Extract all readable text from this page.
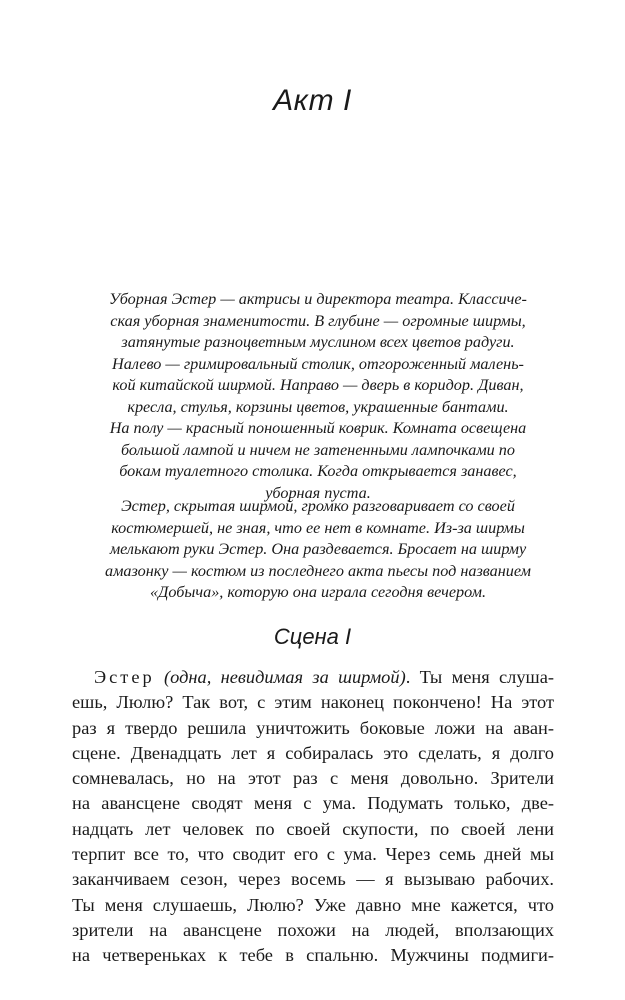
Акт I

Уборная Эстер — актрисы и директора театра. Классиче-
ская уборная знаменитости. В глубине — огромные ширмы,
затянутые разноцветным муслином всех цветов радуги.
Налево — гримировальный столик, отгороженный малень-
кой китайской ширмой. Направо — дверь в коридор. Диван,
кресла, стулья, корзины цветов, украшенные бантами.
На полу — красный поношенный коврик. Комната освещена
большой лампой и ничем не затененными лампочками по
бокам туалетного столика. Когда открывается занавес,
уборная пуста.

Эстер, скрытая ширмой, громко разговаривает со своей
костюмершей, не зная, что ее нет в комнате. Из-за ширмы
мелькают руки Эстер. Она раздевается. Бросает на ширму
амазонку — костюм из последнего акта пьесы под названием
«Добыча», которую она играла сегодня вечером.

Сцена I

Эстер (одна, невидимая за ширмой). Ты меня слуша-
ешь, Люлю? Так вот, с этим наконец покончено! На этот
раз я твердо решила уничтожить боковые ложи на аван-
сцене. Двенадцать лет я собиралась это сделать, я долго
сомневалась, но на этот раз с меня довольно. Зрители
на авансцене сводят меня с ума. Подумать только, две-
надцать лет человек по своей скупости, по своей лени
терпит все то, что сводит его с ума. Через семь дней мы
заканчиваем сезон, через восемь — я вызываю рабочих.
Ты меня слушаешь, Люлю? Уже давно мне кажется, что
зрители на авансцене похожи на людей, вползающих
на четвереньках к тебе в спальню. Мужчины подмиги-
